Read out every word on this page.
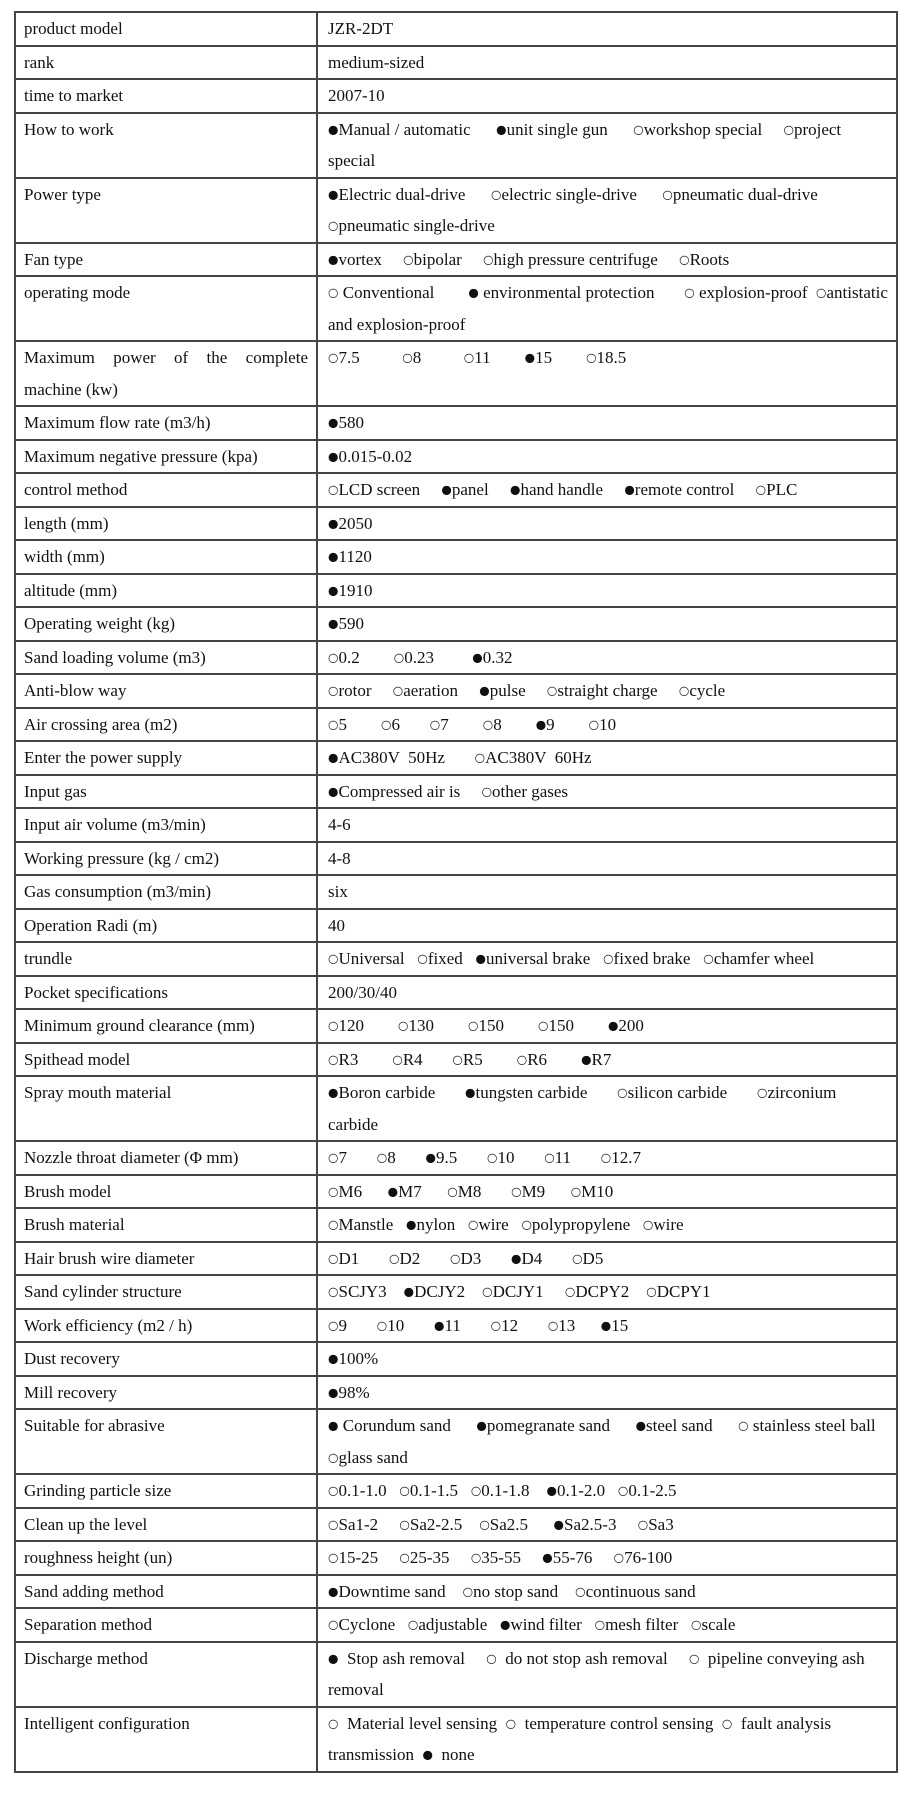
product model	JZR-2DT
rank	medium-sized
time to market	2007-10
How to work	●Manual / automatic      ●unit single gun      ○workshop special     ○project special
Power type	●Electric dual-drive      ○electric single-drive      ○pneumatic dual-drive  ○pneumatic single-drive
Fan type	●vortex     ○bipolar     ○high pressure centrifuge     ○Roots
operating mode	○ Conventional        ● environmental protection       ○ explosion-proof  ○antistatic and explosion-proof
Maximum power of the complete machine (kw)	○7.5          ○8          ○11        ●15        ○18.5
Maximum flow rate (m3/h)	●580
Maximum negative pressure (kpa)	●0.015-0.02
control method	○LCD screen     ●panel     ●hand handle     ●remote control     ○PLC
length (mm)	●2050
width (mm)	●1120
altitude (mm)	●1910
Operating weight (kg)	●590
Sand loading volume (m3)	○0.2        ○0.23         ●0.32
Anti-blow way	○rotor     ○aeration     ●pulse     ○straight charge     ○cycle
Air crossing area (m2)	○5        ○6       ○7        ○8        ●9        ○10
Enter the power supply	●AC380V  50Hz       ○AC380V  60Hz
Input gas	●Compressed air is     ○other gases
Input air volume (m3/min)	4-6
Working pressure (kg / cm2)	4-8
Gas consumption (m3/min)	six
Operation Radi (m)	40
trundle	○Universal   ○fixed   ●universal brake   ○fixed brake   ○chamfer wheel
Pocket specifications	200/30/40
Minimum ground clearance (mm)	○120        ○130        ○150        ○150        ●200
Spithead model	○R3        ○R4       ○R5        ○R6        ●R7
Spray mouth material	●Boron carbide       ●tungsten carbide       ○silicon carbide       ○zirconium carbide
Nozzle throat diameter (Φ mm)	○7       ○8       ●9.5       ○10       ○11       ○12.7
Brush model	○M6      ●M7      ○M8       ○M9      ○M10
Brush material	○Manstle   ●nylon   ○wire   ○polypropylene   ○wire
Hair brush wire diameter	○D1       ○D2       ○D3       ●D4       ○D5
Sand cylinder structure	○SCJY3    ●DCJY2    ○DCJY1     ○DCPY2    ○DCPY1
Work efficiency (m2 / h)	○9       ○10       ●11       ○12       ○13      ●15
Dust recovery	●100%
Mill recovery	●98%
Suitable for abrasive	● Corundum sand      ●pomegranate sand      ●steel sand      ○ stainless steel ball  ○glass sand
Grinding particle size	○0.1-1.0   ○0.1-1.5   ○0.1-1.8    ●0.1-2.0   ○0.1-2.5
Clean up the level	○Sa1-2     ○Sa2-2.5    ○Sa2.5      ●Sa2.5-3     ○Sa3
roughness height (un)	○15-25     ○25-35     ○35-55     ●55-76     ○76-100
Sand adding method	●Downtime sand    ○no stop sand    ○continuous sand
Separation method	○Cyclone   ○adjustable   ●wind filter   ○mesh filter   ○scale
Discharge method	●  Stop ash removal     ○  do not stop ash removal     ○  pipeline conveying ash removal
Intelligent configuration	○  Material level sensing  ○  temperature control sensing  ○  fault analysis transmission  ●  none
